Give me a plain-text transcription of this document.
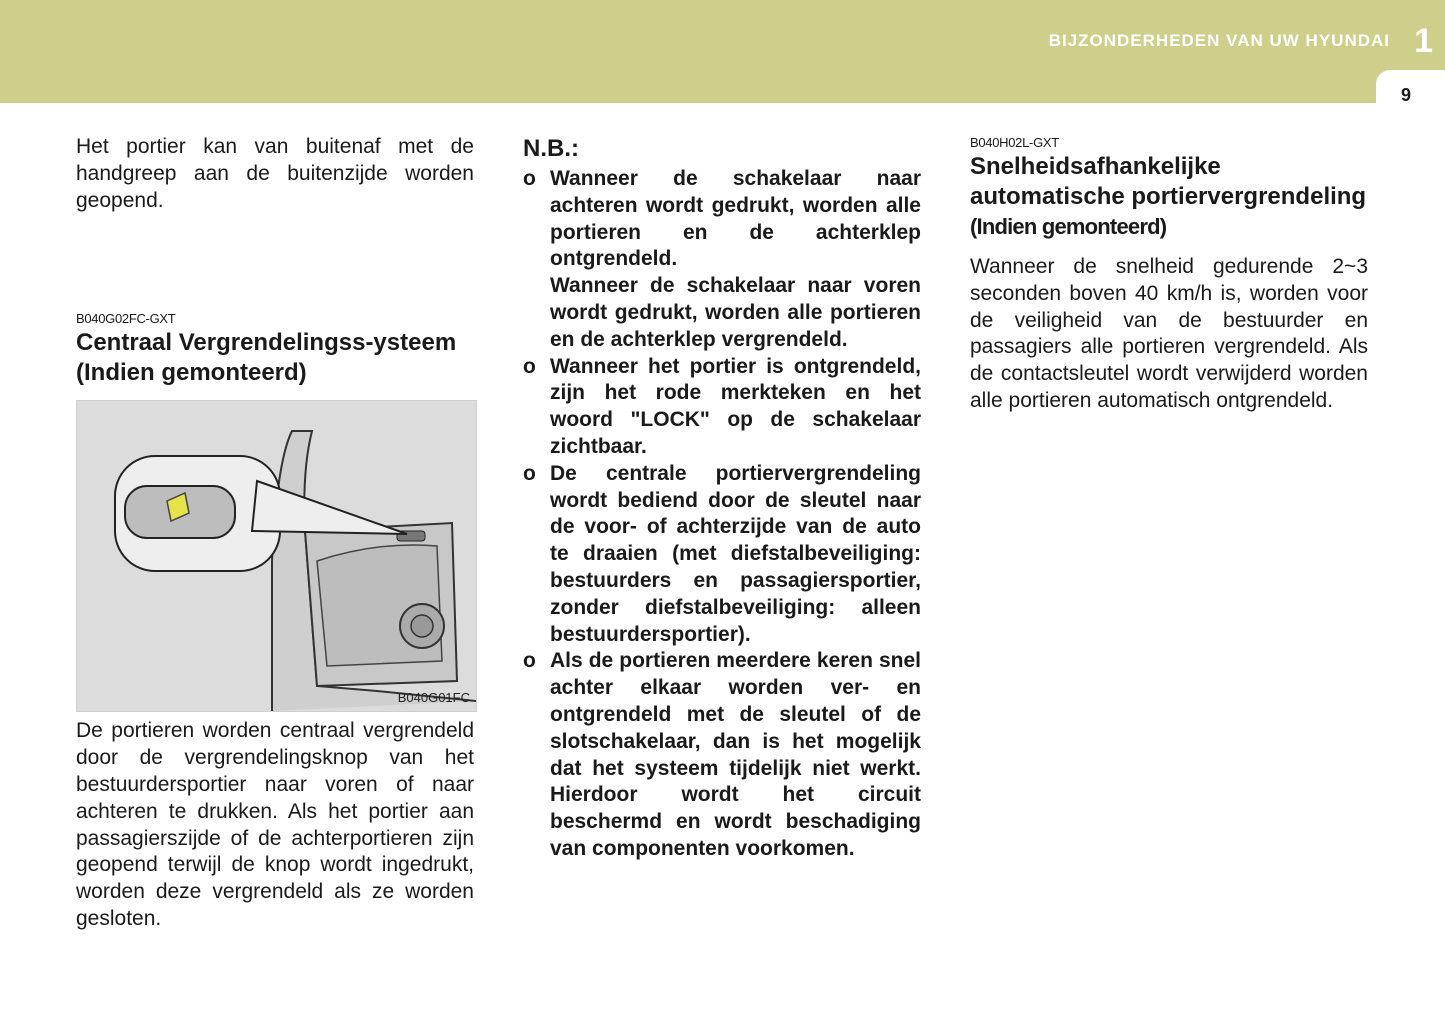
BIJZONDERHEDEN VAN UW HYUNDAI 1
9

Het portier kan van buitenaf met de handgreep aan de buitenzijde worden geopend.

B040G02FC-GXT

Centraal Vergrendelingss-ysteem (Indien gemonteerd)
B040G01FC

De portieren worden centraal vergrendeld door de vergrendelingsknop van het bestuurdersportier naar voren of naar achteren te drukken. Als het portier aan passagierszijde of de achterportieren zijn geopend terwijl de knop wordt ingedrukt, worden deze vergrendeld als ze worden gesloten.

N.B.:
o Wanneer de schakelaar naar achteren wordt gedrukt, worden alle portieren en de achterklep ontgrendeld.

Wanneer de schakelaar naar voren wordt gedrukt, worden alle portieren en de achterklep vergrendeld.

o Wanneer het portier is ontgrendeld, zijn het rode merkteken en het woord "LOCK" op de schakelaar zichtbaar.

o De centrale portiervergrendeling wordt bediend door de sleutel naar de voor- of achterzijde van de auto te draaien (met diefstalbeveiliging: bestuurders en passagiersportier, zonder diefstalbeveiliging: alleen bestuurdersportier).

o Als de portieren meerdere keren snel achter elkaar worden ver- en ontgrendeld met de sleutel of de slotschakelaar, dan is het mogelijk dat het systeem tijdelijk niet werkt. Hierdoor wordt het circuit beschermd en wordt beschadiging van componenten voorkomen.

B040H02L-GXT

Snelheidsafhankelijke automatische portiervergrendeling
(Indien gemonteerd)

Wanneer de snelheid gedurende 2~3 seconden boven 40 km/h is, worden voor de veiligheid van de bestuurder en passagiers alle portieren vergrendeld. Als de contactsleutel wordt verwijderd worden alle portieren automatisch ontgrendeld.
